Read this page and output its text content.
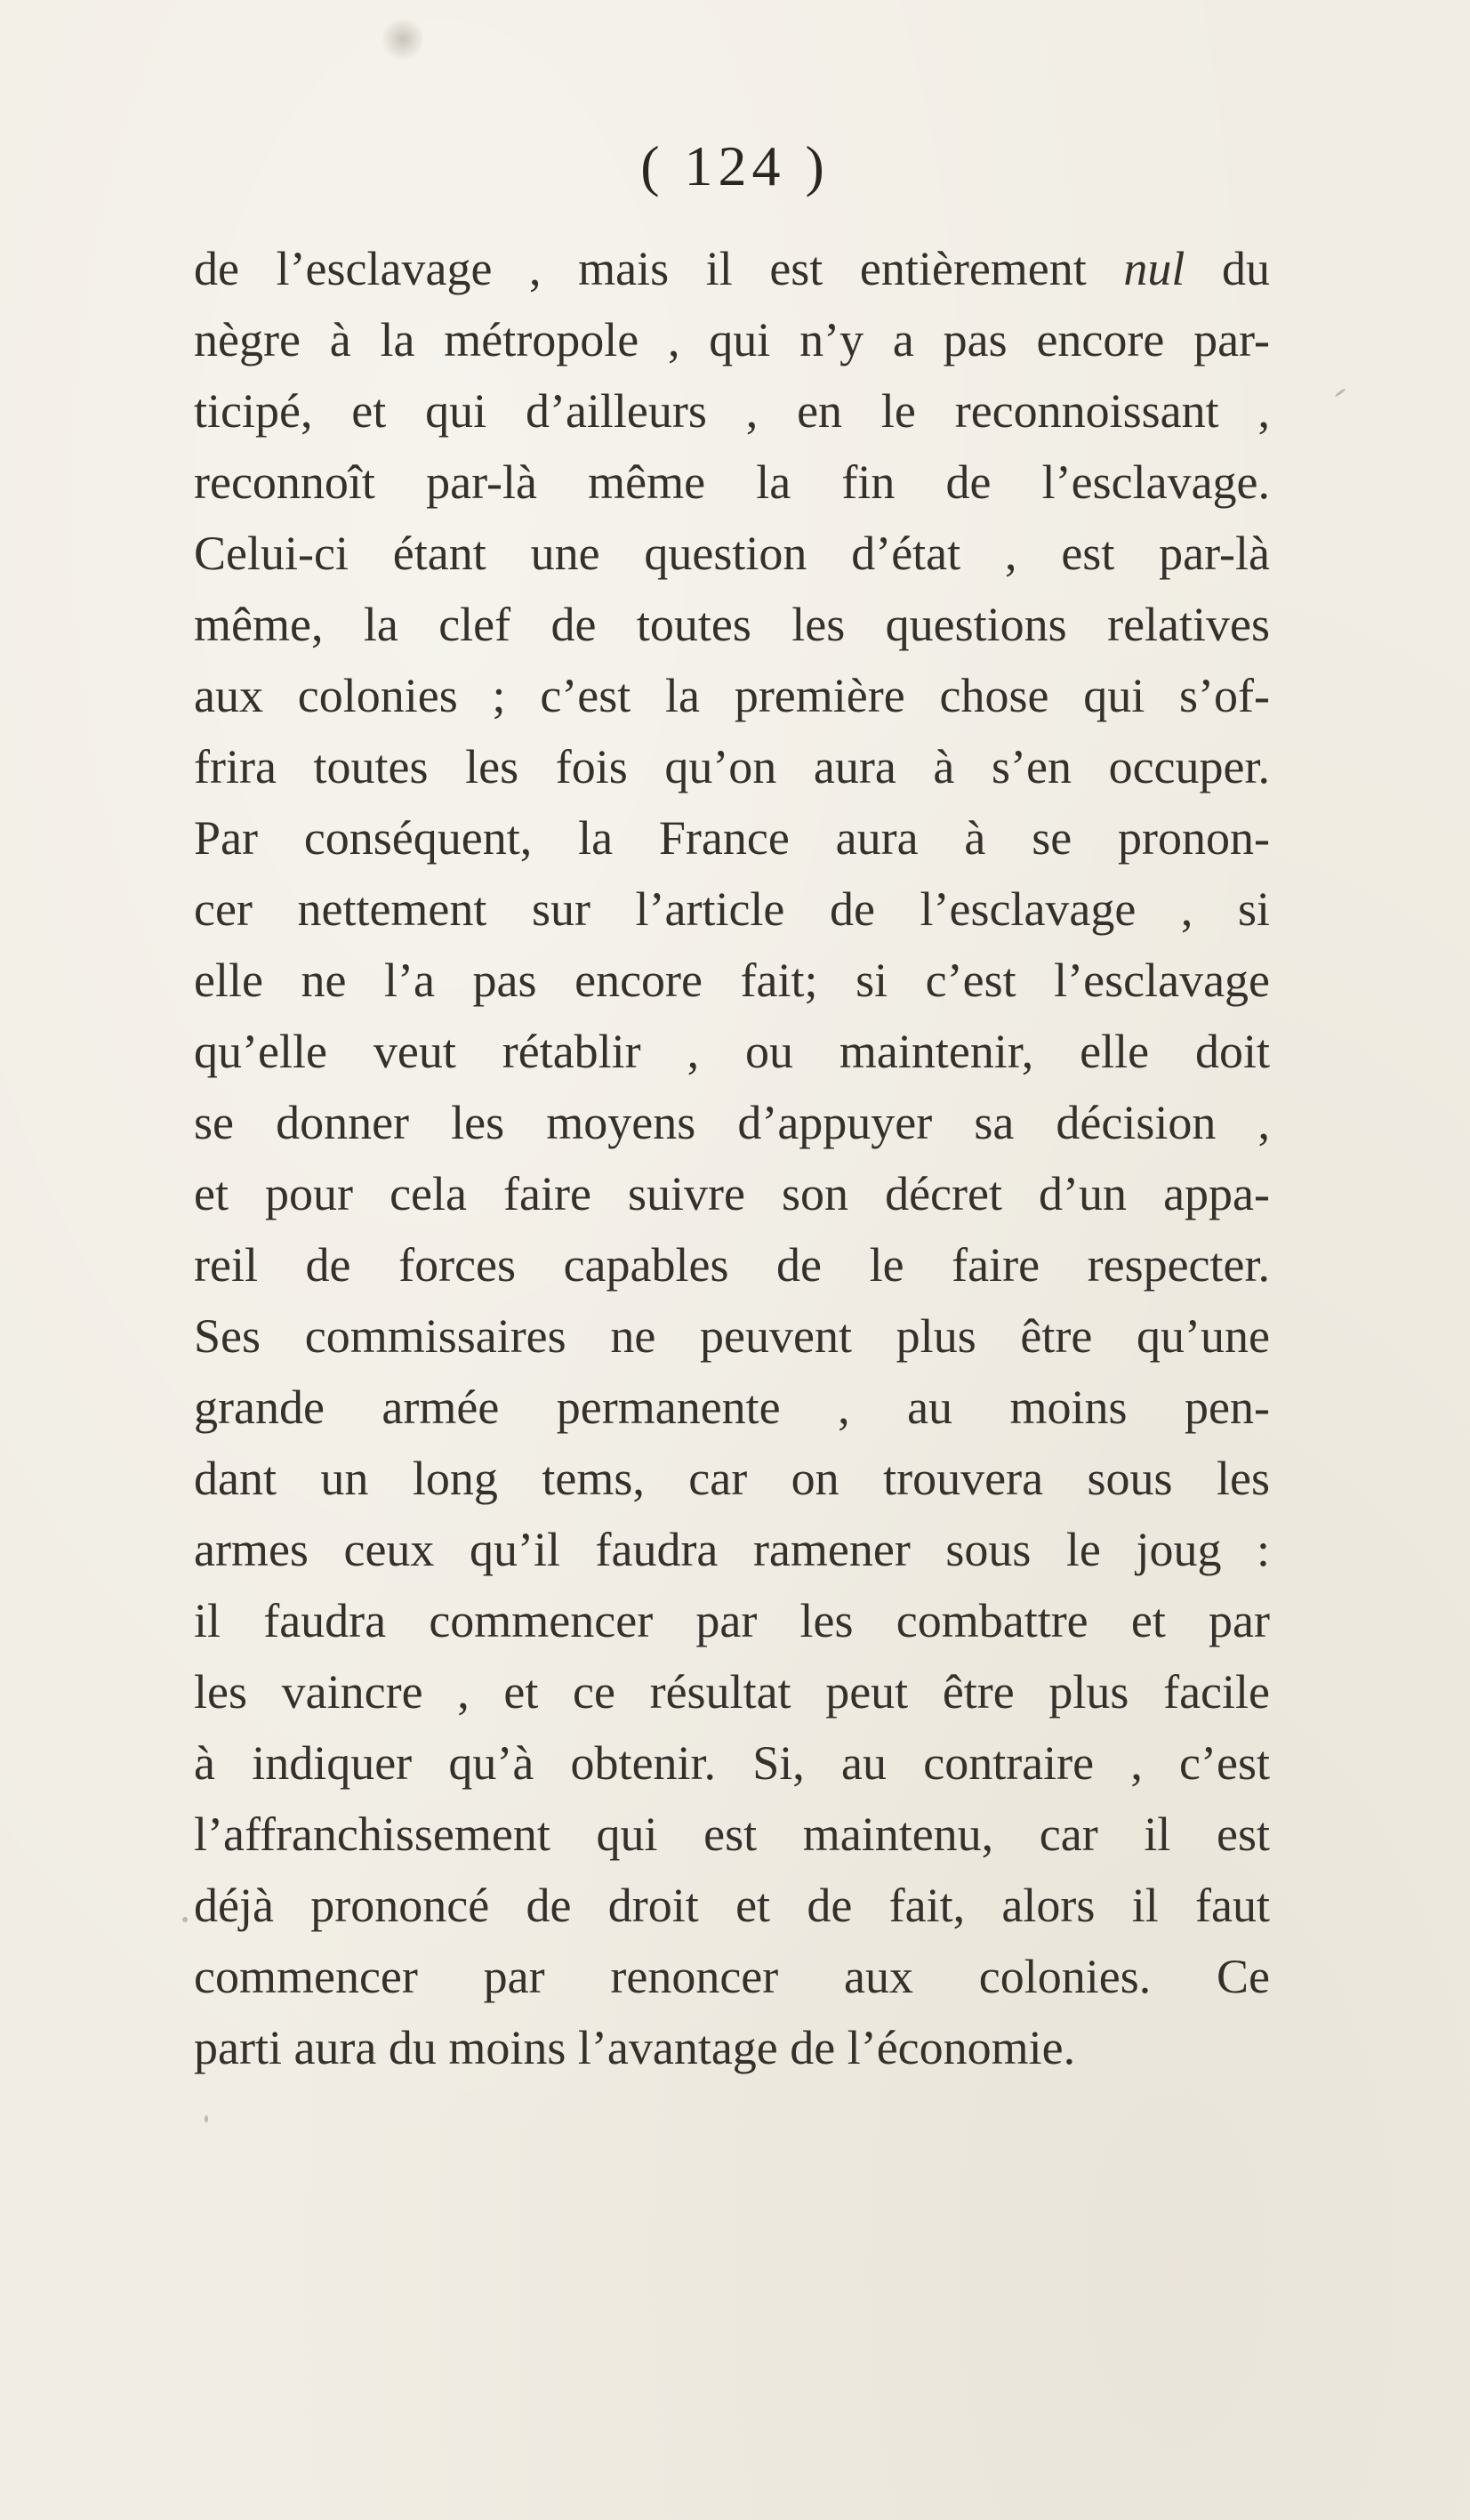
( 124 )
de l’esclavage , mais il est entièrement nul du
nègre à la métropole , qui n’y a pas encore par-
ticipé, et qui d’ailleurs , en le reconnoissant ,
reconnoît par-là même la fin de l’esclavage.
Celui-ci étant une question d’état , est par-là
même, la clef de toutes les questions relatives
aux colonies ; c’est la première chose qui s’of-
frira toutes les fois qu’on aura à s’en occuper.
Par conséquent, la France aura à se pronon-
cer nettement sur l’article de l’esclavage , si
elle ne l’a pas encore fait; si c’est l’esclavage
qu’elle veut rétablir , ou maintenir, elle doit
se donner les moyens d’appuyer sa décision ,
et pour cela faire suivre son décret d’un appa-
reil de forces capables de le faire respecter.
Ses commissaires ne peuvent plus être qu’une
grande armée permanente , au moins pen-
dant un long tems, car on trouvera sous les
armes ceux qu’il faudra ramener sous le joug :
il faudra commencer par les combattre et par
les vaincre , et ce résultat peut être plus facile
à indiquer qu’à obtenir. Si, au contraire , c’est
l’affranchissement qui est maintenu, car il est
déjà prononcé de droit et de fait, alors il faut
commencer par renoncer aux colonies. Ce
parti aura du moins l’avantage de l’économie.
